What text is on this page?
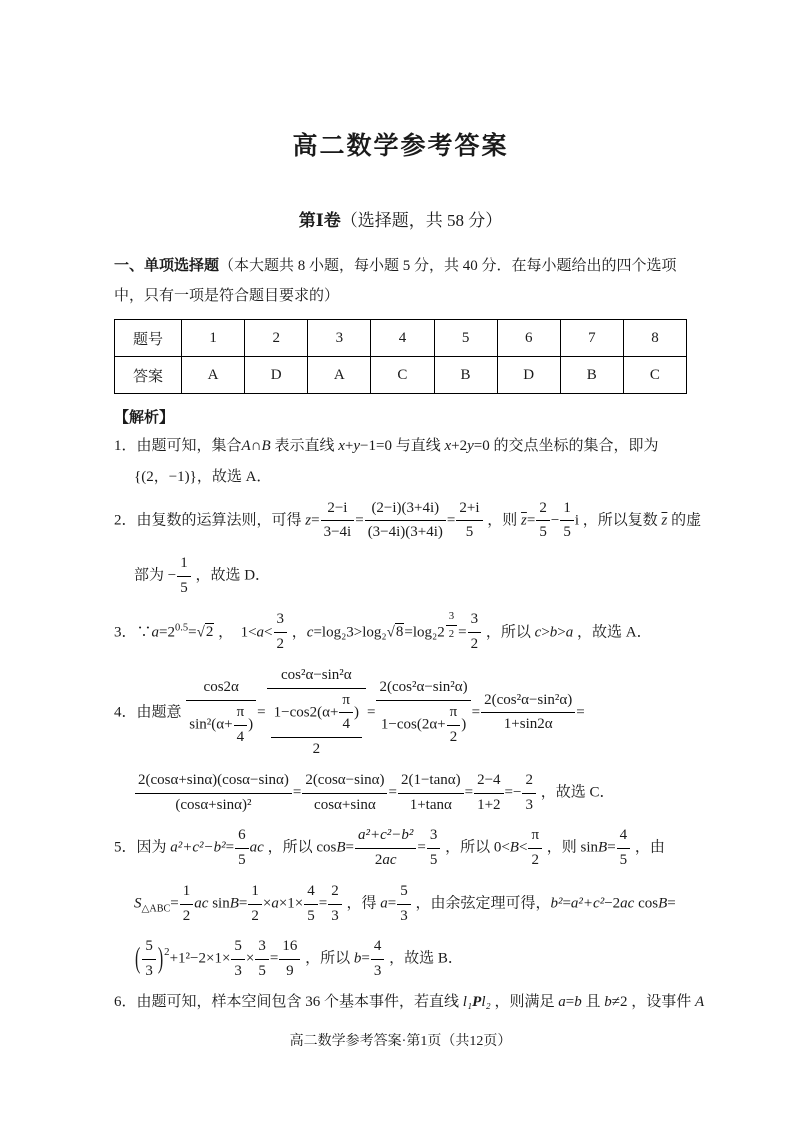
高二数学参考答案
第Ⅰ卷（选择题，共 58 分）

一、单项选择题（本大题共 8 小题，每小题 5 分，共 40 分．在每小题给出的四个选项中，只有一项是符合题目要求的）

题号	1	2	3	4	5	6	7	8
答案	A	D	A	C	B	D	B	C

【解析】

1．由题可知，集合A∩B 表示直线 x+y−1=0 与直线 x+2y=0 的交点坐标的集合，即为
{(2，−1)}，故选 A．
2．由复数的运算法则，可得 $z= \frac{2-i}{3-4i} = \frac{(2-i)(3+4i)}{(3-4i)(3+4i)} = \frac{2+i}{5}$ ，则 $\overline{z}= \frac{2}{5} - \frac{1}{5}$ i ，所以复数 $\overline{z}$ 的虚
部为 − $\frac{1}{5}$ ，故选 D．
3．$\because a=2^{0.5}=√2$ ，　$1<a< \frac{3}{2}$ ，$c=\log_23>\log_2√8=\log_22 \frac{3}{2} = \frac{3}{2}$ ，所以 c>b>a ，故选 A．
4．由题意 $\frac{\cos 2\alpha}{\sin^2(\alpha+ \frac{\pi}{4} )} = \frac{\text{cos²α−sin²α}}{\frac{1-\cos 2(\alpha+ \frac{\pi}{4} )}{2}} = \frac{\text{2(cos²α−sin²α)}}{1-\cos(2\alpha+ \frac{\pi}{2} )} = \frac{\text{2(cos²α−sin²α)}}{1+\sin 2\alpha}$ =
$\frac{2(\cos\alpha+\sin\alpha)(\cos\alpha-\sin\alpha)}{\text{(cosα+sinα)²}} = \frac{2(\cos\alpha-\sin\alpha)}{\cos\alpha+\sin\alpha} = \frac{2(1-\tan\alpha)}{1+\tan\alpha} = \frac{2-4}{1+2} =- \frac{2}{3}$ ，故选 C．
5．因为 $a^2+c^2-b^2= \frac{6}{5}$ ac ，所以 $\cos B= \frac{\text{a²+c²−b²}}{2ac} = \frac{3}{5}$ ，所以 $0<B< \frac{\pi}{2}$ ，则 $\sin B= \frac{4}{5}$ ，由
$S_{\triangle ABC}= \frac{1}{2}$ ac $\sin B= \frac{1}{2} \times a\times 1\times \frac{4}{5} = \frac{2}{3}$ ，得 $a= \frac{5}{3}$ ，由余弦定理可得，b²=a²+c²−2ac cosB=
( $\frac{5}{3} )2+1^2-2\times 1\times \frac{5}{3} \times \frac{3}{5} = \frac{16}{9}$ ，所以 $b= \frac{4}{3}$ ，故选 B．
6．由题可知，样本空间包含 36 个基本事件，若直线 l₁Pl₂ ，则满足 a=b 且 b≠2 ，设事件 A
高二数学参考答案·第1页（共12页）
